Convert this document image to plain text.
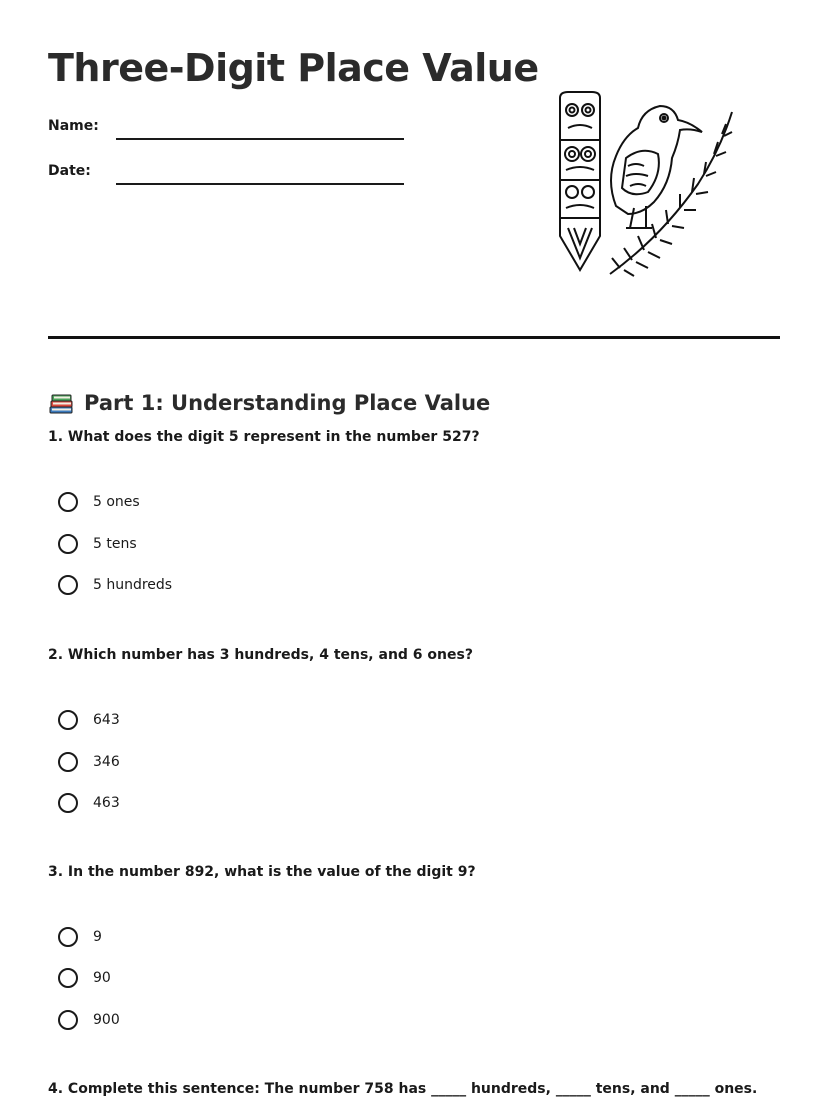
Three-Digit Place Value
Name:
Date:
Part 1: Understanding Place Value
1. What does the digit 5 represent in the number 527?
5 ones
5 tens
5 hundreds
2. Which number has 3 hundreds, 4 tens, and 6 ones?
643
346
463
3. In the number 892, what is the value of the digit 9?
9
90
900
4. Complete this sentence: The number 758 has _____ hundreds, _____ tens, and _____ ones.
